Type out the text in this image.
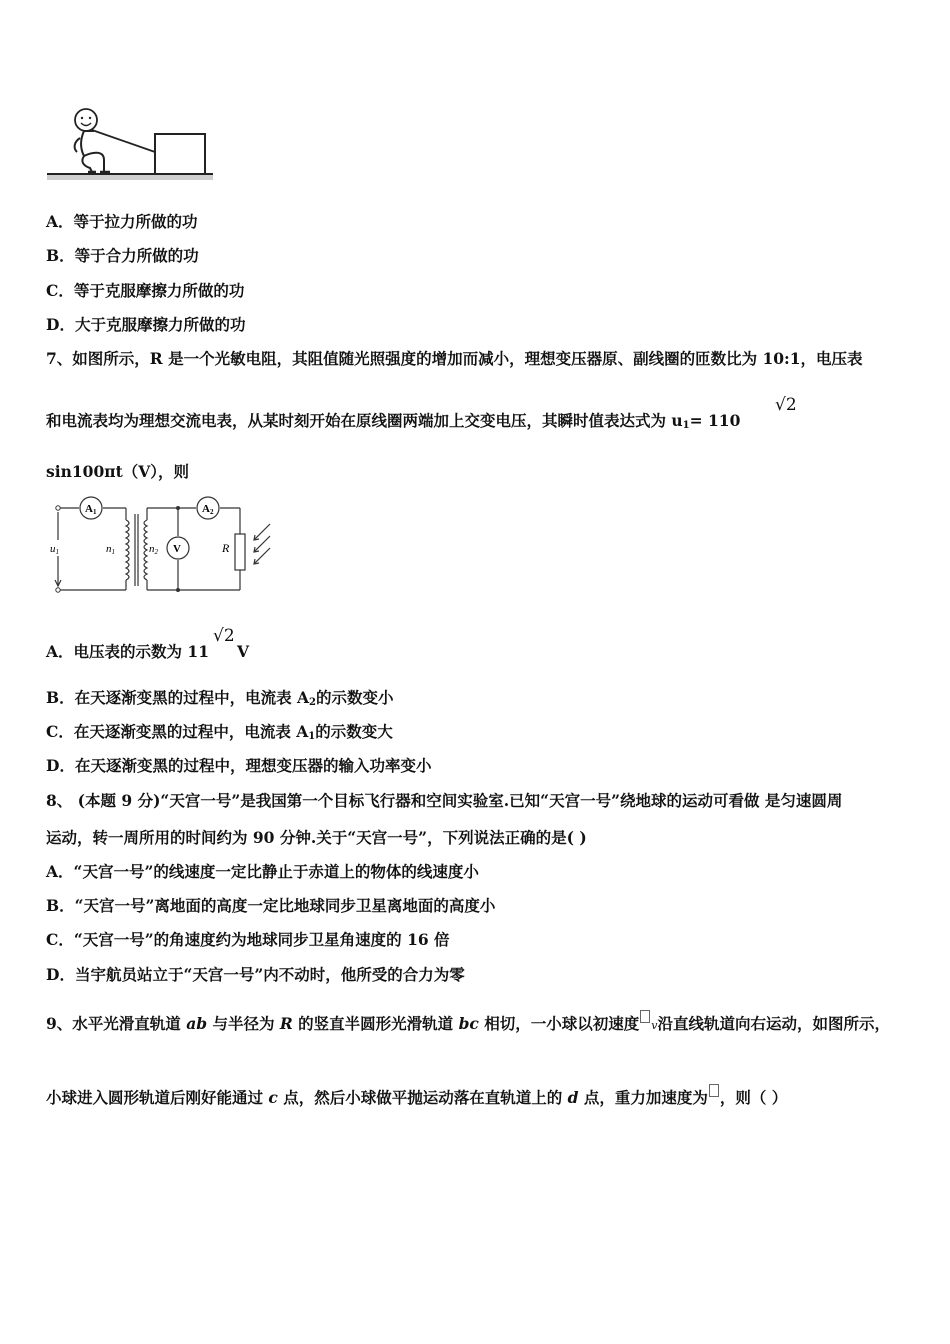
A．等于拉力所做的功
B．等于合力所做的功
C．等于克服摩擦力所做的功
D．大于克服摩擦力所做的功
7、如图所示，R 是一个光敏电阻，其阻值随光照强度的增加而减小，理想变压器原、副线圈的匝数比为 10:1，电压表
和电流表均为理想交流电表，从某时刻开始在原线圈两端加上交变电压，其瞬时值表达式为 $u_1= 110$
√2
sin100πt（V），则
A1	A2
V
u1	n1	n2	R
A．电压表的示数为 11 V
√2
B．在天逐渐变黑的过程中，电流表 $A_2$的示数变小
C．在天逐渐变黑的过程中，电流表 $A_1$的示数变大
D．在天逐渐变黑的过程中，理想变压器的输入功率变小
8、 (本题 9 分)“天宫一号”是我国第一个目标飞行器和空间实验室.已知“天宫一号”绕地球的运动可看做 是匀速圆周
运动，转一周所用的时间约为 90 分钟.关于“天宫一号”，下列说法正确的是( )
A．“天宫一号”的线速度一定比静止于赤道上的物体的线速度小
B．“天宫一号”离地面的高度一定比地球同步卫星离地面的高度小
C．“天宫一号”的角速度约为地球同步卫星角速度的 16 倍
D．当宇航员站立于“天宫一号”内不动时，他所受的合力为零
9、水平光滑直轨道 ab 与半径为 R 的竖直半圆形光滑轨道 bc 相切，一小球以初速度 v沿直线轨道向右运动，如图所示，
小球进入圆形轨道后刚好能通过 c 点，然后小球做平抛运动落在直轨道上的 d 点，重力加速度为 ，则（ ）
